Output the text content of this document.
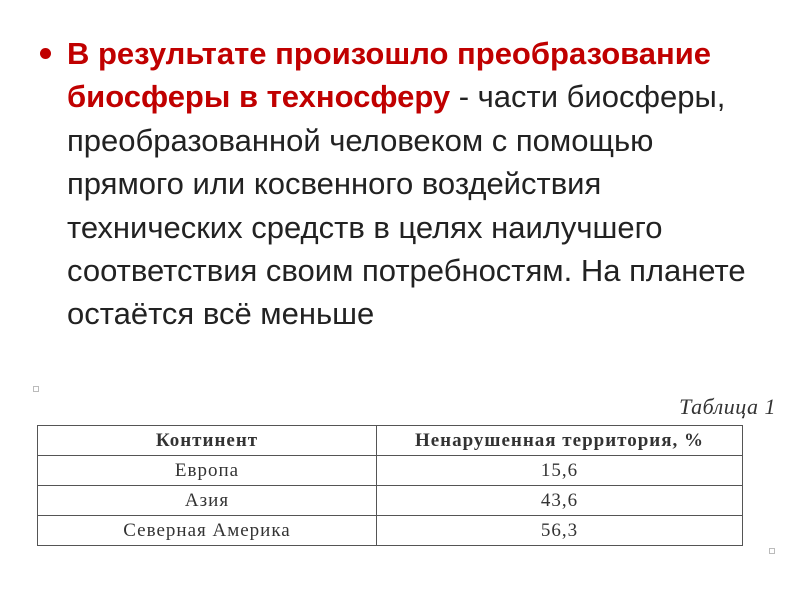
В результате произошло преобразование биосферы в техносферу - части биосферы, преобразованной человеком с помощью прямого или косвенного воздействия технических средств в целях наилучшего соответствия своим потребностям. На планете остаётся всё меньше
Таблица 1
Континент	Ненарушенная территория, %
Европа	15,6
Азия	43,6
Северная Америка	56,3
